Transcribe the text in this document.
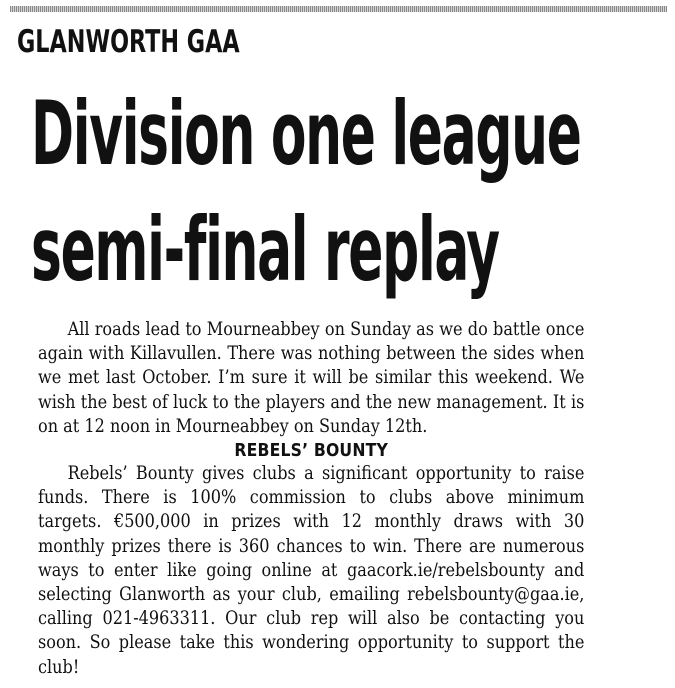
GLANWORTH GAA
Division one league
semi-final replay

All roads lead to Mourneabbey on Sunday as we do battle once again with Killavullen. There was nothing between the sides when we met last October. I’m sure it will be similar this weekend. We wish the best of luck to the players and the new management. It is on at 12 noon in Mourneabbey on Sunday 12th.

REBELS’ BOUNTY

Rebels’ Bounty gives clubs a significant opportunity to raise funds. There is 100% commission to clubs above minimum targets. €500,000 in prizes with 12 monthly draws with 30 monthly prizes there is 360 chances to win. There are numerous ways to enter like going online at gaacork.ie/rebelsbounty and selecting Glanworth as your club, emailing rebelsbounty@gaa.ie, calling 021-4963311. Our club rep will also be contacting you soon. So please take this wondering opportunity to support the club!
